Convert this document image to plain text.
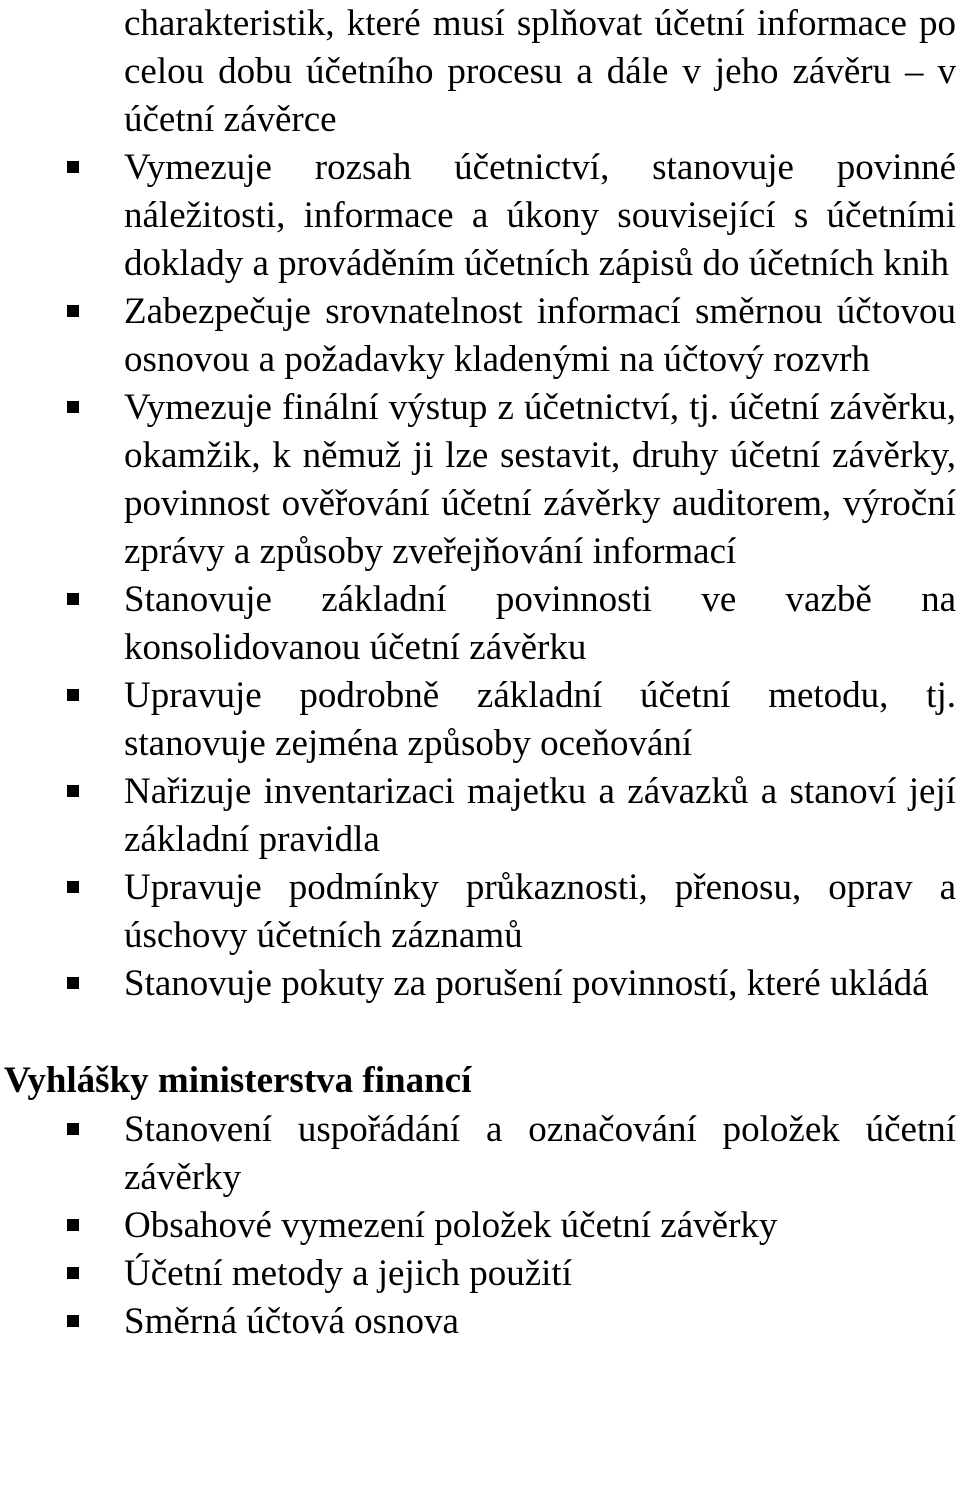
charakteristik, které musí splňovat účetní informace po celou dobu účetního procesu a dále v jeho závěru – v účetní závěrce
Vymezuje rozsah účetnictví, stanovuje povinné náležitosti, informace a úkony související s účetními doklady a prováděním účetních zápisů do účetních knih
Zabezpečuje srovnatelnost informací směrnou účtovou osnovou a požadavky kladenými na účtový rozvrh
Vymezuje finální výstup z účetnictví, tj. účetní závěrku, okamžik, k němuž ji lze sestavit, druhy účetní závěrky, povinnost ověřování účetní závěrky auditorem, výroční zprávy a způsoby zveřejňování informací
Stanovuje základní povinnosti ve vazbě na konsolidovanou účetní závěrku
Upravuje podrobně základní účetní metodu, tj. stanovuje zejména způsoby oceňování
Nařizuje inventarizaci majetku a závazků a stanoví její základní pravidla
Upravuje podmínky průkaznosti, přenosu, oprav a úschovy účetních záznamů
Stanovuje pokuty za porušení povinností, které ukládá
Vyhlášky ministerstva financí
Stanovení uspořádání a označování položek účetní závěrky
Obsahové vymezení položek účetní závěrky
Účetní metody a jejich použití
Směrná účtová osnova
